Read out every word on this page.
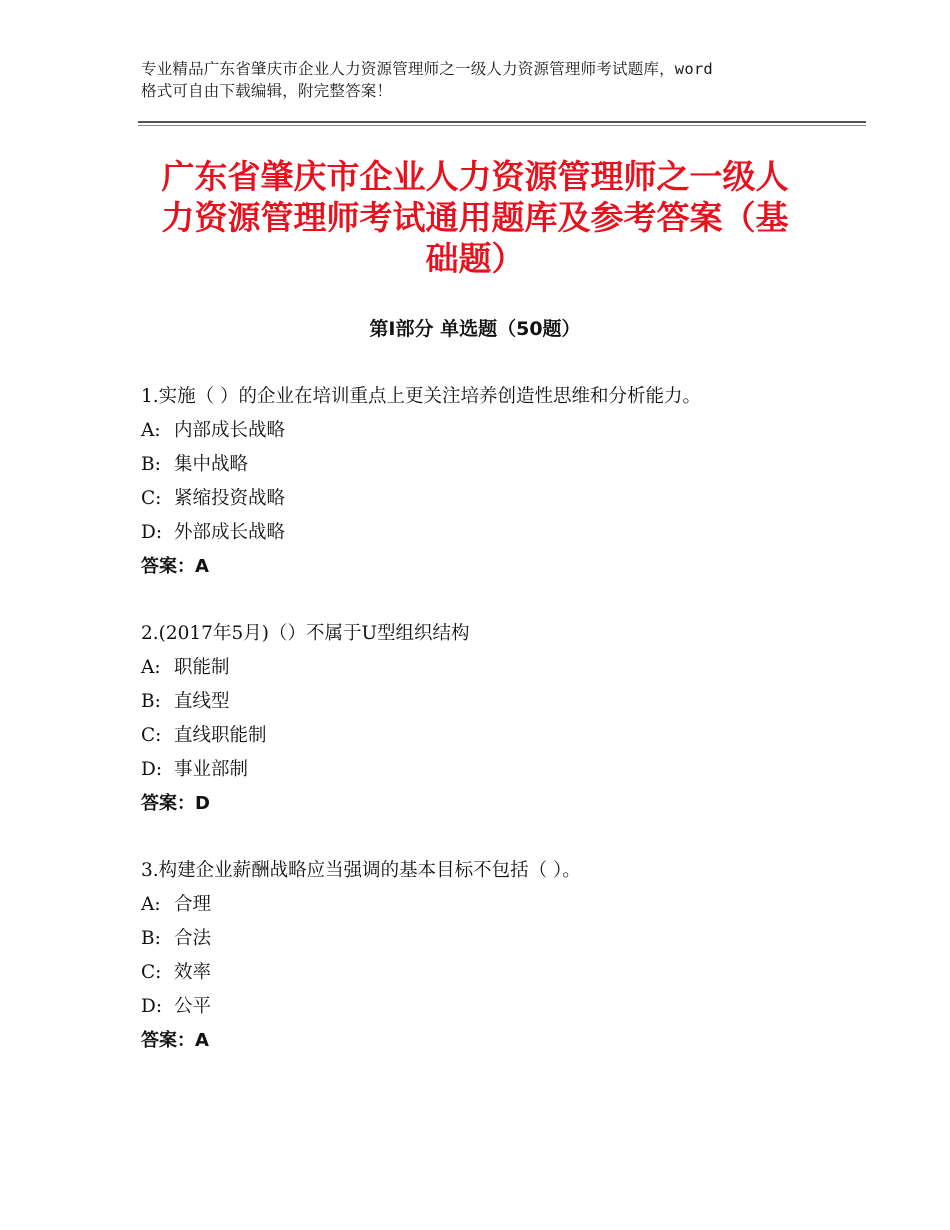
专业精品广东省肇庆市企业人力资源管理师之一级人力资源管理师考试题库，word
格式可自由下载编辑，附完整答案！
广东省肇庆市企业人力资源管理师之一级人
力资源管理师考试通用题库及参考答案（基
础题）
第Ⅰ部分 单选题（50题）
1.实施（ ）的企业在培训重点上更关注培养创造性思维和分析能力。
A: 内部成长战略
B: 集中战略
C: 紧缩投资战略
D: 外部成长战略
答案：A
2.(2017年5月)（）不属于U型组织结构
A: 职能制
B: 直线型
C: 直线职能制
D: 事业部制
答案：D
3.构建企业薪酬战略应当强调的基本目标不包括（ ）。
A: 合理
B: 合法
C: 效率
D: 公平
答案：A
